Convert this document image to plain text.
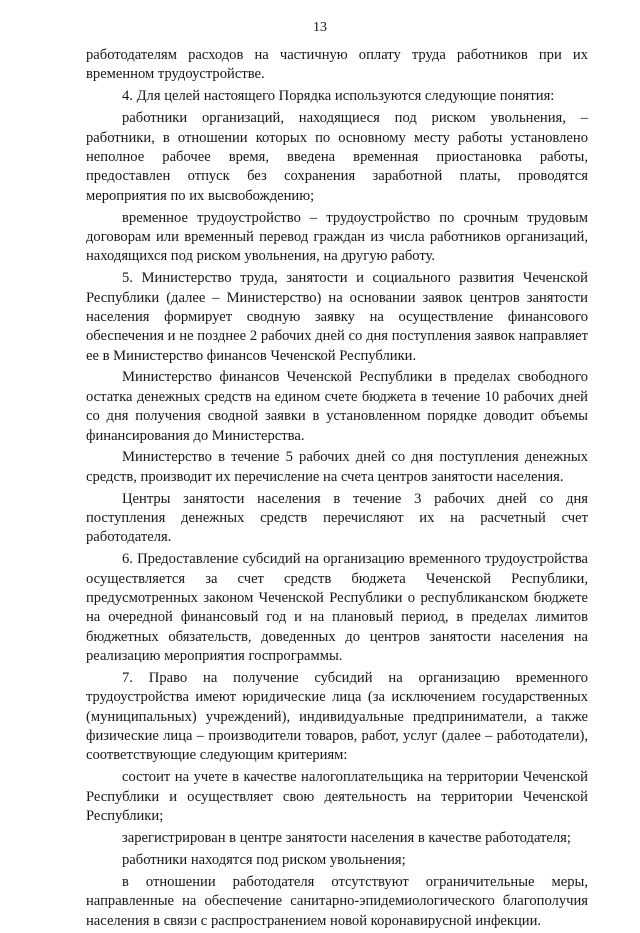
13

работодателям расходов на частичную оплату труда работников при их временном трудоустройстве.

4. Для целей настоящего Порядка используются следующие понятия:

работники организаций, находящиеся под риском увольнения, – работники, в отношении которых по основному месту работы установлено неполное рабочее время, введена временная приостановка работы, предоставлен отпуск без сохранения заработной платы, проводятся мероприятия по их высвобождению;

временное трудоустройство – трудоустройство по срочным трудовым договорам или временный перевод граждан из числа работников организаций, находящихся под риском увольнения, на другую работу.

5. Министерство труда, занятости и социального развития Чеченской Республики (далее – Министерство) на основании заявок центров занятости населения формирует сводную заявку на осуществление финансового обеспечения и не позднее 2 рабочих дней со дня поступления заявок направляет ее в Министерство финансов Чеченской Республики.

Министерство финансов Чеченской Республики в пределах свободного остатка денежных средств на едином счете бюджета в течение 10 рабочих дней со дня получения сводной заявки в установленном порядке доводит объемы финансирования до Министерства.

Министерство в течение 5 рабочих дней со дня поступления денежных средств, производит их перечисление на счета центров занятости населения.

Центры занятости населения в течение 3 рабочих дней со дня поступления денежных средств перечисляют их на расчетный счет работодателя.

6. Предоставление субсидий на организацию временного трудоустройства осуществляется за счет средств бюджета Чеченской Республики, предусмотренных законом Чеченской Республики о республиканском бюджете на очередной финансовый год и на плановый период, в пределах лимитов бюджетных обязательств, доведенных до центров занятости населения на реализацию мероприятия госпрограммы.

7. Право на получение субсидий на организацию временного трудоустройства имеют юридические лица (за исключением государственных (муниципальных) учреждений), индивидуальные предприниматели, а также физические лица – производители товаров, работ, услуг (далее – работодатели), соответствующие следующим критериям:

состоит на учете в качестве налогоплательщика на территории Чеченской Республики и осуществляет свою деятельность на территории Чеченской Республики;

зарегистрирован в центре занятости населения в качестве работодателя;

работники находятся под риском увольнения;

в отношении работодателя отсутствуют ограничительные меры, направленные на обеспечение санитарно-эпидемиологического благополучия населения в связи с распространением новой коронавирусной инфекции.
